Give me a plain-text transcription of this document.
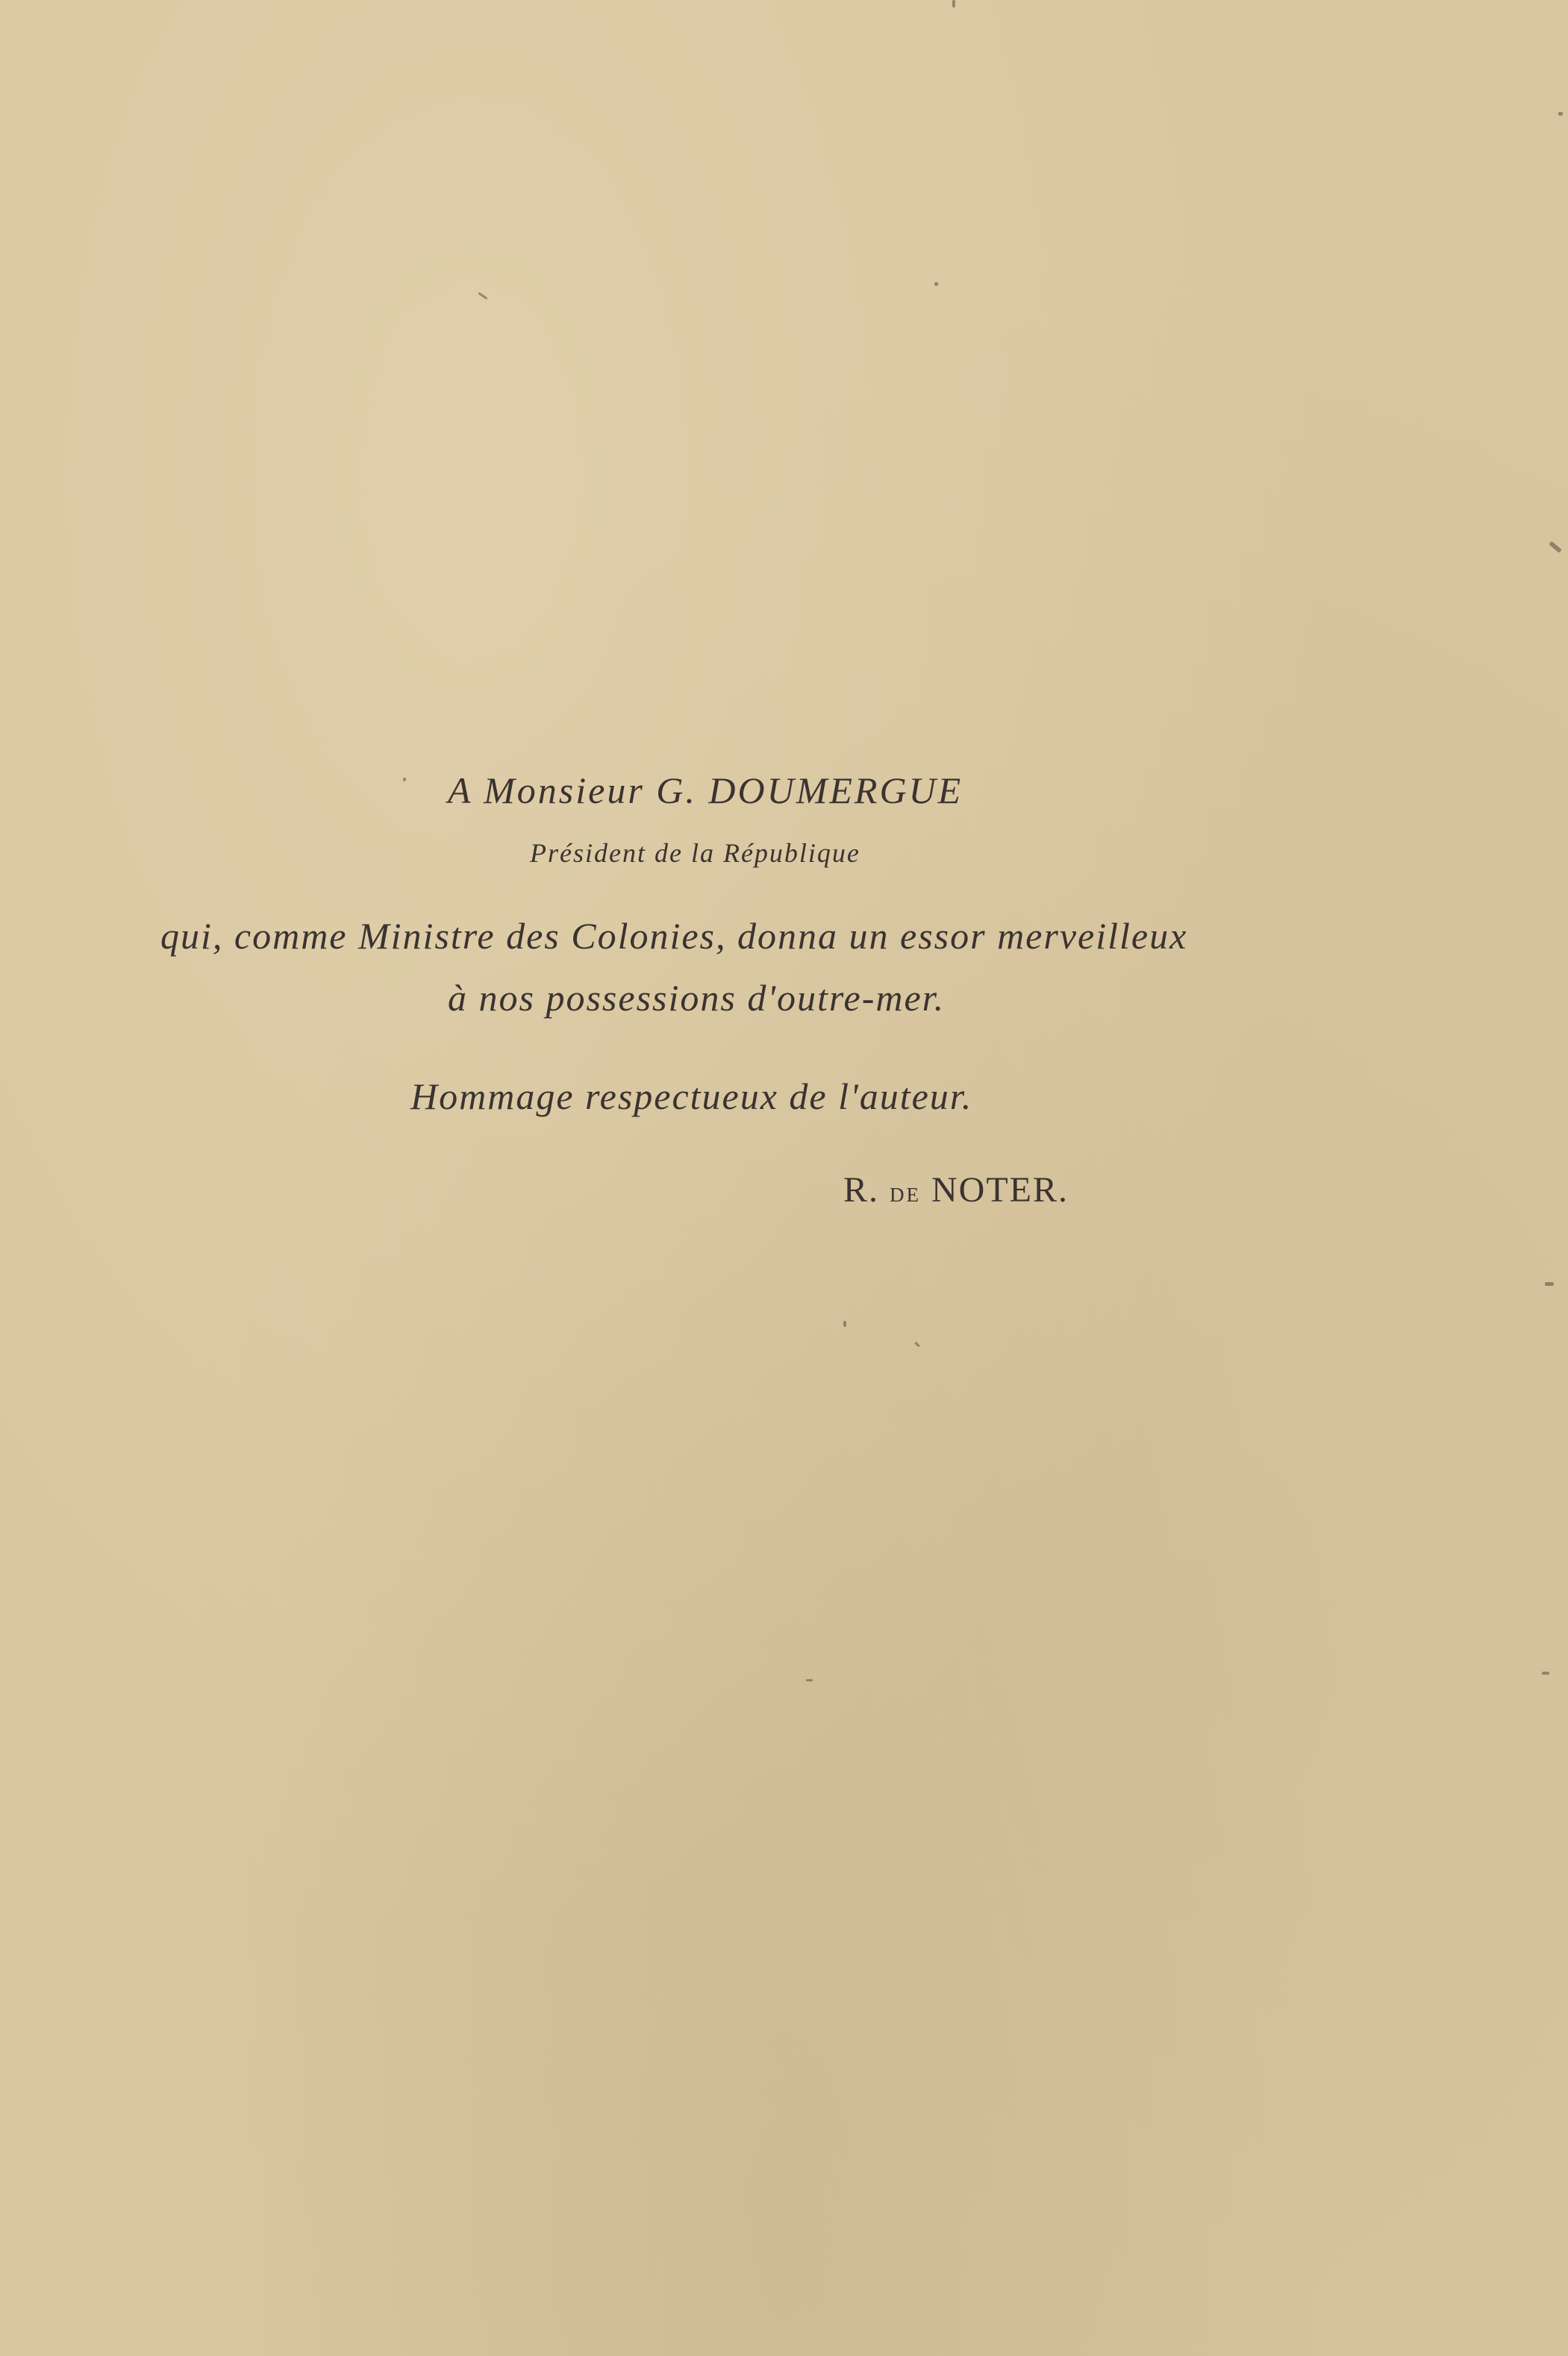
A Monsieur G. DOUMERGUE
Président de la République
qui, comme Ministre des Colonies, donna un essor merveilleux
à nos possessions d'outre-mer.
Hommage respectueux de l'auteur.
R. de NOTER.
